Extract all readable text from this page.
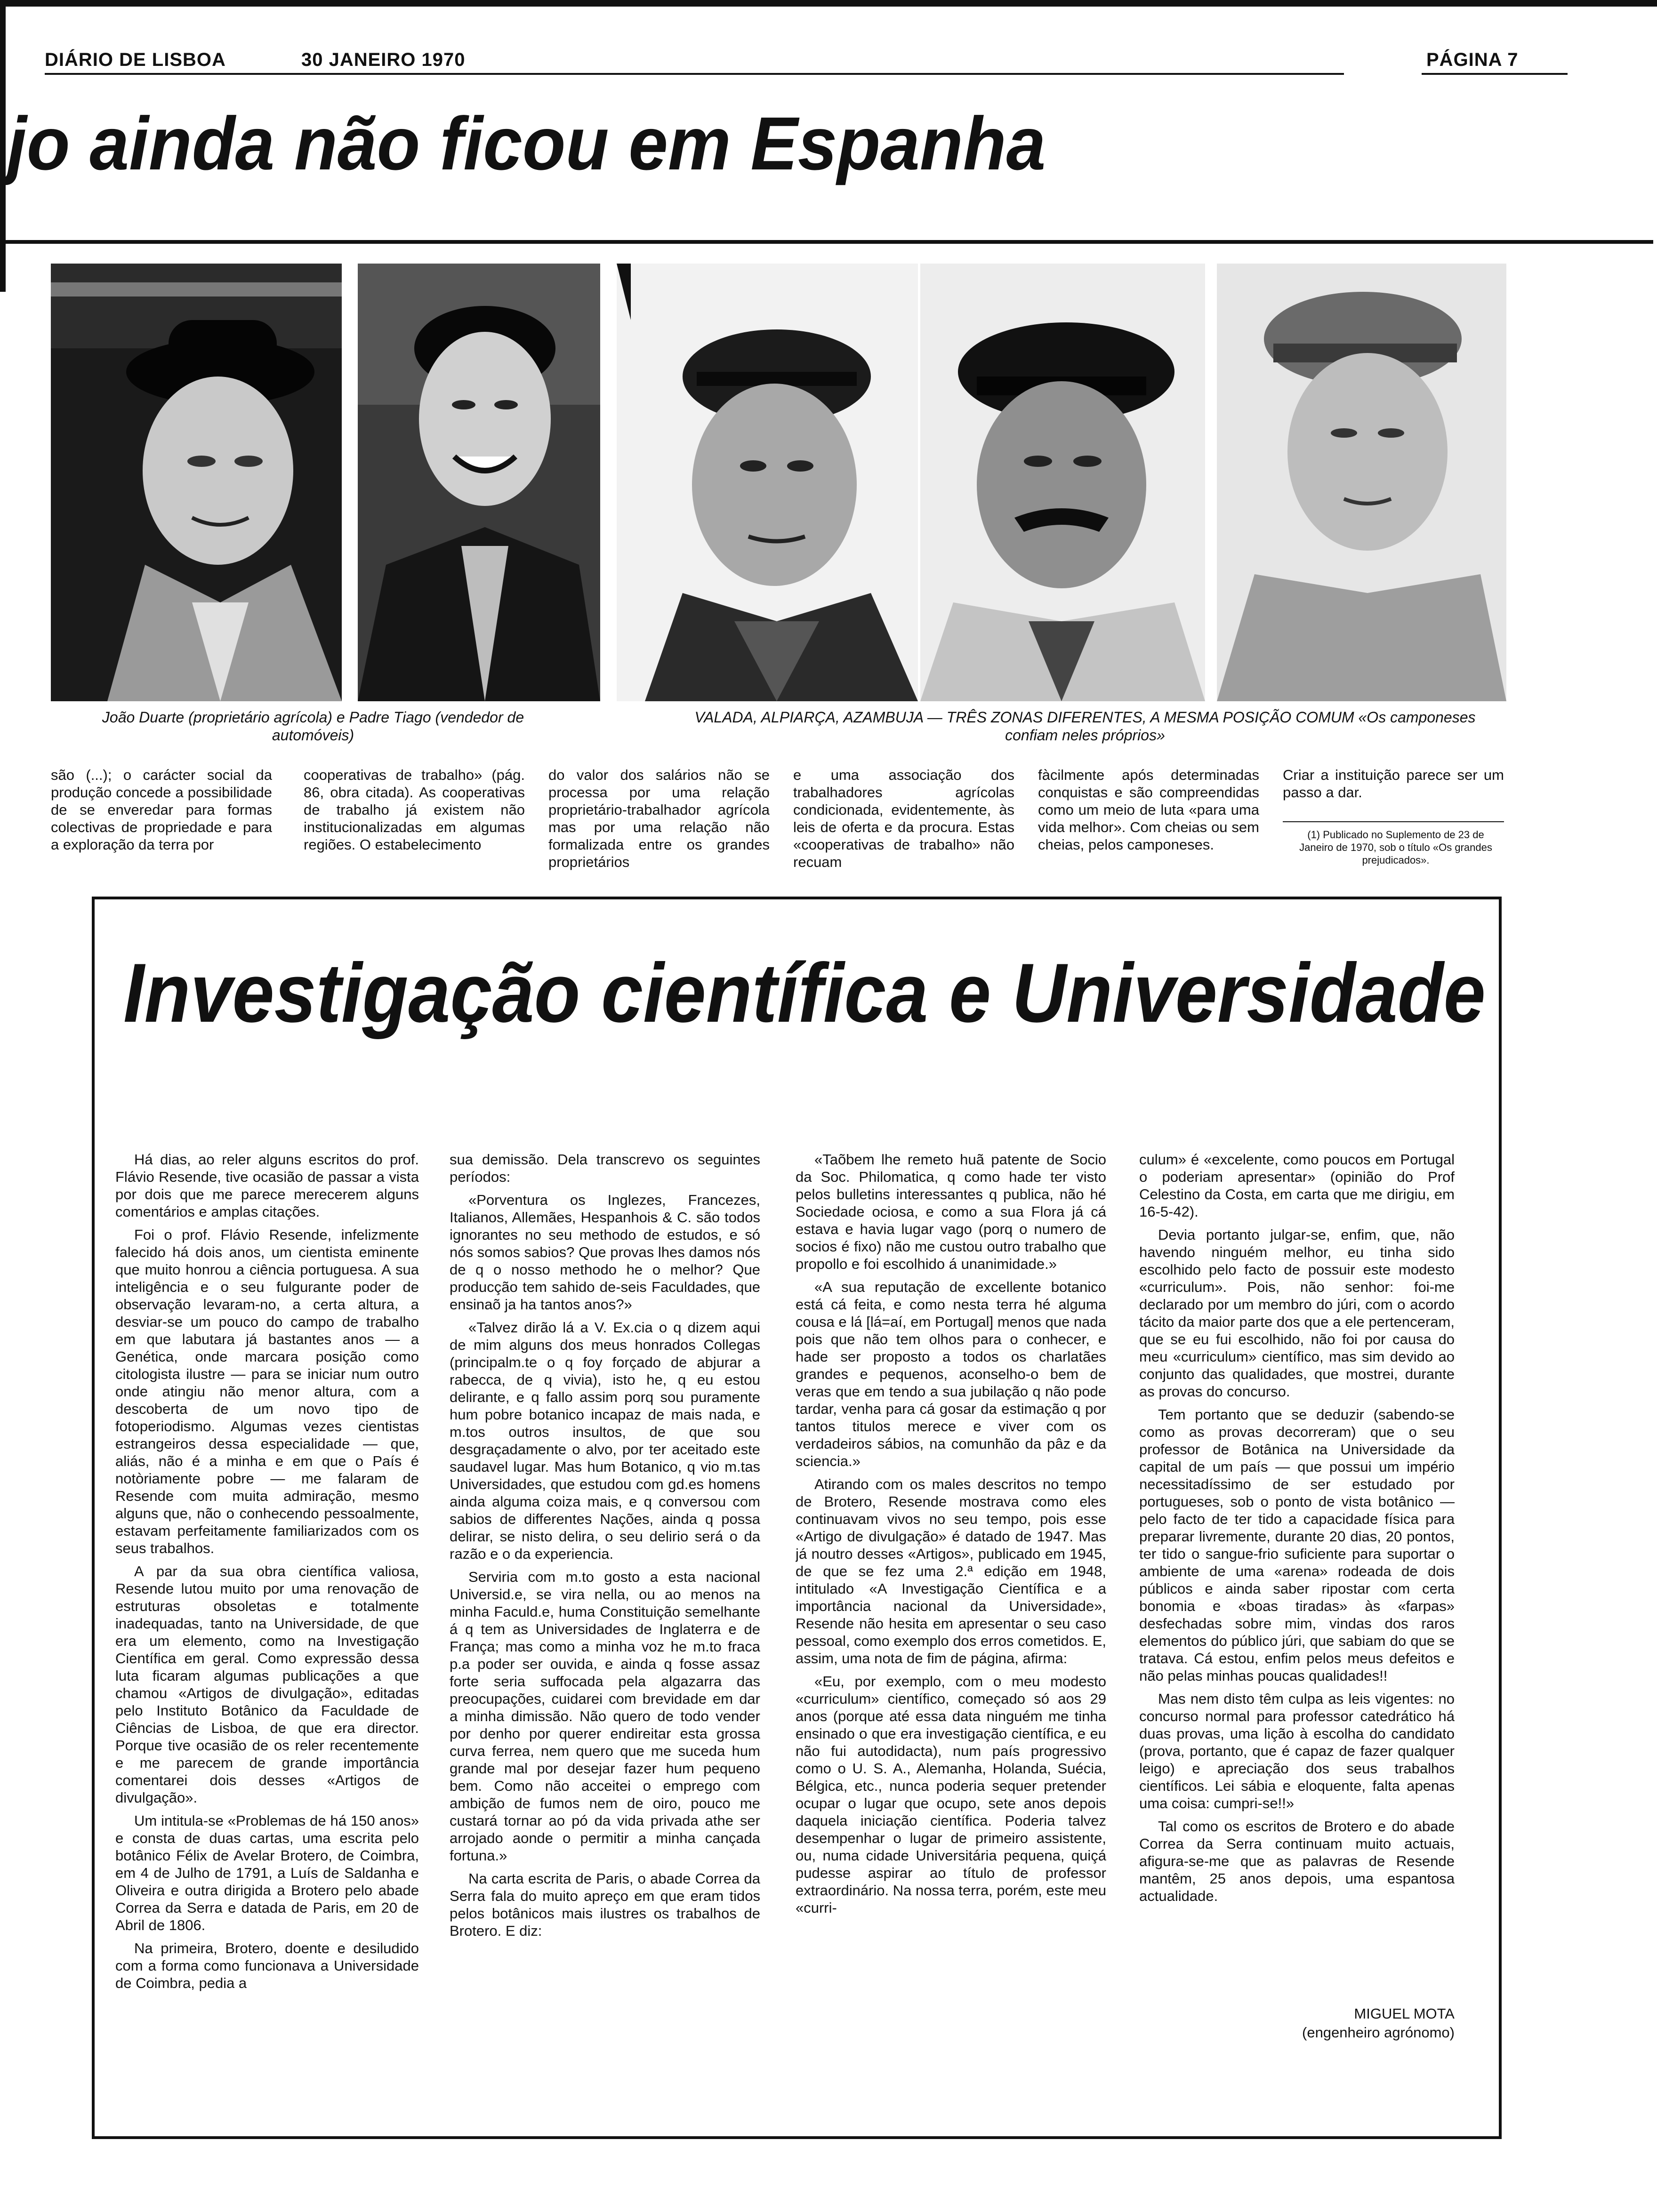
DIÁRIO DE LISBOA	30 JANEIRO 1970	PÁGINA 7
jo ainda não ficou em Espanha
João Duarte (proprietário agrícola) e Padre Tiago (vendedor de automóveis)
VALADA, ALPIARÇA, AZAMBUJA — TRÊS ZONAS DIFERENTES, A MESMA POSIÇÃO COMUM «Os camponeses confiam neles próprios»

são (...); o carácter social da produção concede a possibilidade de se enveredar para formas colectivas de propriedade e para a exploração da terra por

cooperativas de trabalho» (pág. 86, obra citada). As cooperativas de trabalho já existem não institucionalizadas em algumas regiões. O estabelecimento

do valor dos salários não se processa por uma relação proprietário-trabalhador agrícola mas por uma relação não formalizada entre os grandes proprietários

e uma associação dos trabalhadores agrícolas condicionada, evidentemente, às leis de oferta e da procura. Estas «cooperativas de trabalho» não recuam

fàcilmente após determinadas conquistas e são compreendidas como um meio de luta «para uma vida melhor». Com cheias ou sem cheias, pelos camponeses.

Criar a instituição parece ser um passo a dar.

(1) Publicado no Suplemento de 23 de Janeiro de 1970, sob o título «Os grandes prejudicados».
Investigação científica e Universidade

Há dias, ao reler alguns escritos do prof. Flávio Resende, tive ocasião de passar a vista por dois que me parece merecerem alguns comentários e amplas citações.

Foi o prof. Flávio Resende, infelizmente falecido há dois anos, um cientista eminente que muito honrou a ciência portuguesa. A sua inteligência e o seu fulgurante poder de observação levaram-no, a certa altura, a desviar-se um pouco do campo de trabalho em que labutara já bastantes anos — a Genética, onde marcara posição como citologista ilustre — para se iniciar num outro onde atingiu não menor altura, com a descoberta de um novo tipo de fotoperiodismo. Algumas vezes cientistas estrangeiros dessa especialidade — que, aliás, não é a minha e em que o País é notòriamente pobre — me falaram de Resende com muita admiração, mesmo alguns que, não o conhecendo pessoalmente, estavam perfeitamente familiarizados com os seus trabalhos.

A par da sua obra científica valiosa, Resende lutou muito por uma renovação de estruturas obsoletas e totalmente inadequadas, tanto na Universidade, de que era um elemento, como na Investigação Científica em geral. Como expressão dessa luta ficaram algumas publicações a que chamou «Artigos de divulgação», editadas pelo Instituto Botânico da Faculdade de Ciências de Lisboa, de que era director. Porque tive ocasião de os reler recentemente e me parecem de grande importância comentarei dois desses «Artigos de divulgação».

Um intitula-se «Problemas de há 150 anos» e consta de duas cartas, uma escrita pelo botânico Félix de Avelar Brotero, de Coimbra, em 4 de Julho de 1791, a Luís de Saldanha e Oliveira e outra dirigida a Brotero pelo abade Correa da Serra e datada de Paris, em 20 de Abril de 1806.

Na primeira, Brotero, doente e desiludido com a forma como funcionava a Universidade de Coimbra, pedia a

sua demissão. Dela transcrevo os seguintes períodos:

«Porventura os Inglezes, Francezes, Italianos, Allemães, Hespanhois & C. são todos ignorantes no seu methodo de estudos, e só nós somos sabios? Que provas lhes damos nós de q o nosso methodo he o melhor? Que producção tem sahido de-seis Faculdades, que ensinaõ ja ha tantos anos?»

«Talvez dirão lá a V. Ex.cia o q dizem aqui de mim alguns dos meus honrados Collegas (principalm.te o q foy forçado de abjurar a rabecca, de q vivia), isto he, q eu estou delirante, e q fallo assim porq sou puramente hum pobre botanico incapaz de mais nada, e m.tos outros insultos, de que sou desgraçadamente o alvo, por ter aceitado este saudavel lugar. Mas hum Botanico, q vio m.tas Universidades, que estudou com gd.es homens ainda alguma coiza mais, e q conversou com sabios de differentes Nações, ainda q possa delirar, se nisto delira, o seu delirio será o da razão e o da experiencia.

Serviria com m.to gosto a esta nacional Universid.e, se vira nella, ou ao menos na minha Faculd.e, huma Constituição semelhante á q tem as Universidades de Inglaterra e de França; mas como a minha voz he m.to fraca p.a poder ser ouvida, e ainda q fosse assaz forte seria suffocada pela algazarra das preocupações, cuidarei com brevidade em dar a minha dimissão. Não quero de todo vender por denho por querer endireitar esta grossa curva ferrea, nem quero que me suceda hum grande mal por desejar fazer hum pequeno bem. Como não acceitei o emprego com ambição de fumos nem de oiro, pouco me custará tornar ao pó da vida privada athe ser arrojado aonde o permitir a minha cançada fortuna.»

Na carta escrita de Paris, o abade Correa da Serra fala do muito apreço em que eram tidos pelos botânicos mais ilustres os trabalhos de Brotero. E diz:

«Taõbem lhe remeto huã patente de Socio da Soc. Philomatica, q como hade ter visto pelos bulletins interessantes q publica, não hé Sociedade ociosa, e como a sua Flora já cá estava e havia lugar vago (porq o numero de socios é fixo) não me custou outro trabalho que propollo e foi escolhido á unanimidade.»

«A sua reputação de excellente botanico está cá feita, e como nesta terra hé alguma cousa e lá [lá=aí, em Portugal] menos que nada pois que não tem olhos para o conhecer, e hade ser proposto a todos os charlatães grandes e pequenos, aconselho-o bem de veras que em tendo a sua jubilação q não pode tardar, venha para cá gosar da estimação q por tantos titulos merece e viver com os verdadeiros sábios, na comunhão da pâz e da sciencia.»

Atirando com os males descritos no tempo de Brotero, Resende mostrava como eles continuavam vivos no seu tempo, pois esse «Artigo de divulgação» é datado de 1947. Mas já noutro desses «Artigos», publicado em 1945, de que se fez uma 2.ª edição em 1948, intitulado «A Investigação Científica e a importância nacional da Universidade», Resende não hesita em apresentar o seu caso pessoal, como exemplo dos erros cometidos. E, assim, uma nota de fim de página, afirma:

«Eu, por exemplo, com o meu modesto «curriculum» científico, começado só aos 29 anos (porque até essa data ninguém me tinha ensinado o que era investigação científica, e eu não fui autodidacta), num país progressivo como o U. S. A., Alemanha, Holanda, Suécia, Bélgica, etc., nunca poderia sequer pretender ocupar o lugar que ocupo, sete anos depois daquela iniciação científica. Poderia talvez desempenhar o lugar de primeiro assistente, ou, numa cidade Universitária pequena, quiçá pudesse aspirar ao título de professor extraordinário. Na nossa terra, porém, este meu «curri-

culum» é «excelente, como poucos em Portugal o poderiam apresentar» (opinião do Prof Celestino da Costa, em carta que me dirigiu, em 16-5-42).

Devia portanto julgar-se, enfim, que, não havendo ninguém melhor, eu tinha sido escolhido pelo facto de possuir este modesto «curriculum». Pois, não senhor: foi-me declarado por um membro do júri, com o acordo tácito da maior parte dos que a ele pertenceram, que se eu fui escolhido, não foi por causa do meu «curriculum» científico, mas sim devido ao conjunto das qualidades, que mostrei, durante as provas do concurso.

Tem portanto que se deduzir (sabendo-se como as provas decorreram) que o seu professor de Botânica na Universidade da capital de um país — que possui um império necessitadíssimo de ser estudado por portugueses, sob o ponto de vista botânico — pelo facto de ter tido a capacidade física para preparar livremente, durante 20 dias, 20 pontos, ter tido o sangue-frio suficiente para suportar o ambiente de uma «arena» rodeada de dois públicos e ainda saber ripostar com certa bonomia e «boas tiradas» às «farpas» desfechadas sobre mim, vindas dos raros elementos do público júri, que sabiam do que se tratava. Cá estou, enfim pelos meus defeitos e não pelas minhas poucas qualidades!!

Mas nem disto têm culpa as leis vigentes: no concurso normal para professor catedrático há duas provas, uma lição à escolha do candidato (prova, portanto, que é capaz de fazer qualquer leigo) e apreciação dos seus trabalhos científicos. Lei sábia e eloquente, falta apenas uma coisa: cumpri-se!!»

Tal como os escritos de Brotero e do abade Correa da Serra continuam muito actuais, afigura-se-me que as palavras de Resende mantêm, 25 anos depois, uma espantosa actualidade.

MIGUEL MOTA
(engenheiro agrónomo)
